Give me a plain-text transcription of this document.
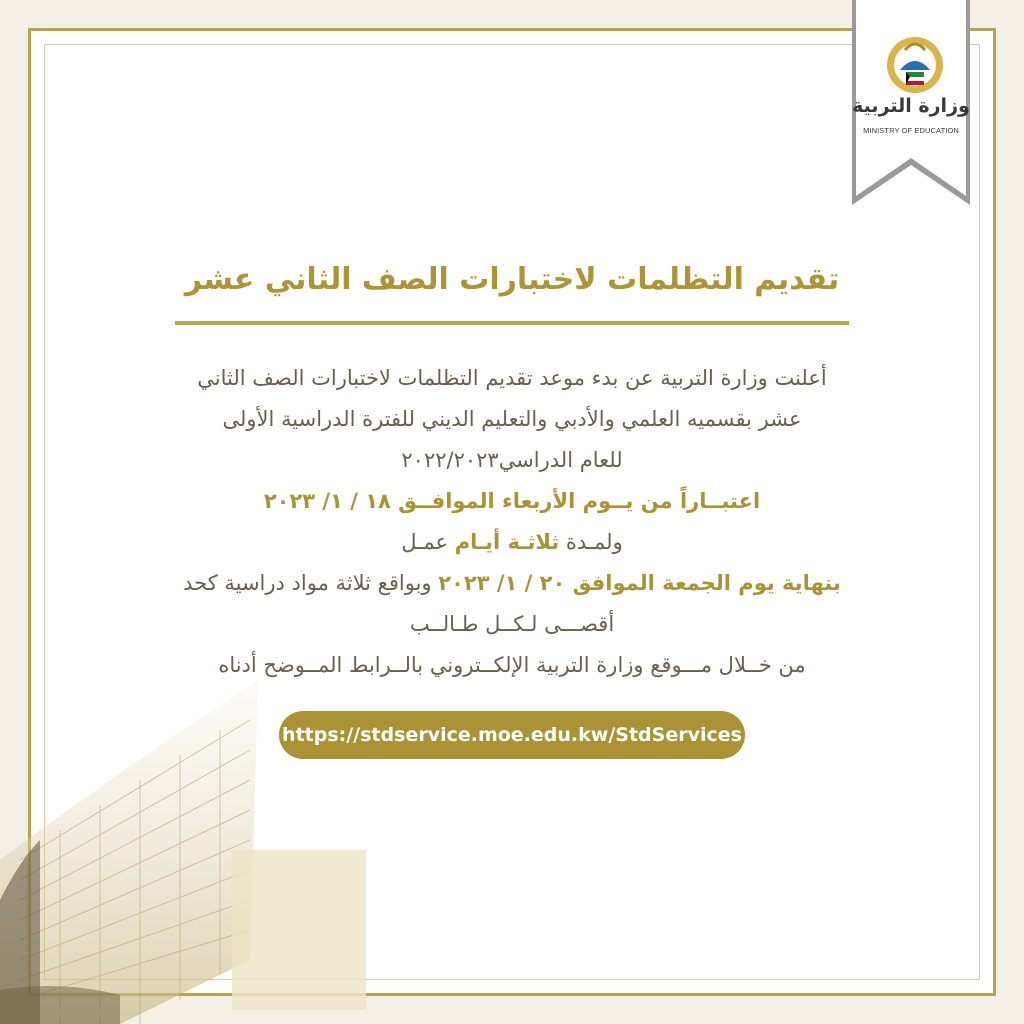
وزارة التربية
MINISTRY OF EDUCATION
تقديم التظلمات لاختبارات الصف الثاني عشر
أعلنت وزارة التربية عن بدء موعد تقديم التظلمات لاختبارات الصف الثاني
عشر بقسميه العلمي والأدبي والتعليم الديني للفترة الدراسية الأولى
للعام الدراسي٢٠٢٢/٢٠٢٣
اعتبــاراً من يــوم الأربعاء الموافــق ١٨ / ١/ ٢٠٢٣
ولمـدة ثلاثـة أيـام عمـل
بنهاية يوم الجمعة الموافق ٢٠ / ١/ ٢٠٢٣ وبواقع ثلاثة مواد دراسية كحد
أقصـــى لـكــل طـالــب
من خــلال مـــوقع وزارة التربية الإلكــتروني بالــرابط المــوضح أدناه
https://stdservice.moe.edu.kw/StdServices
